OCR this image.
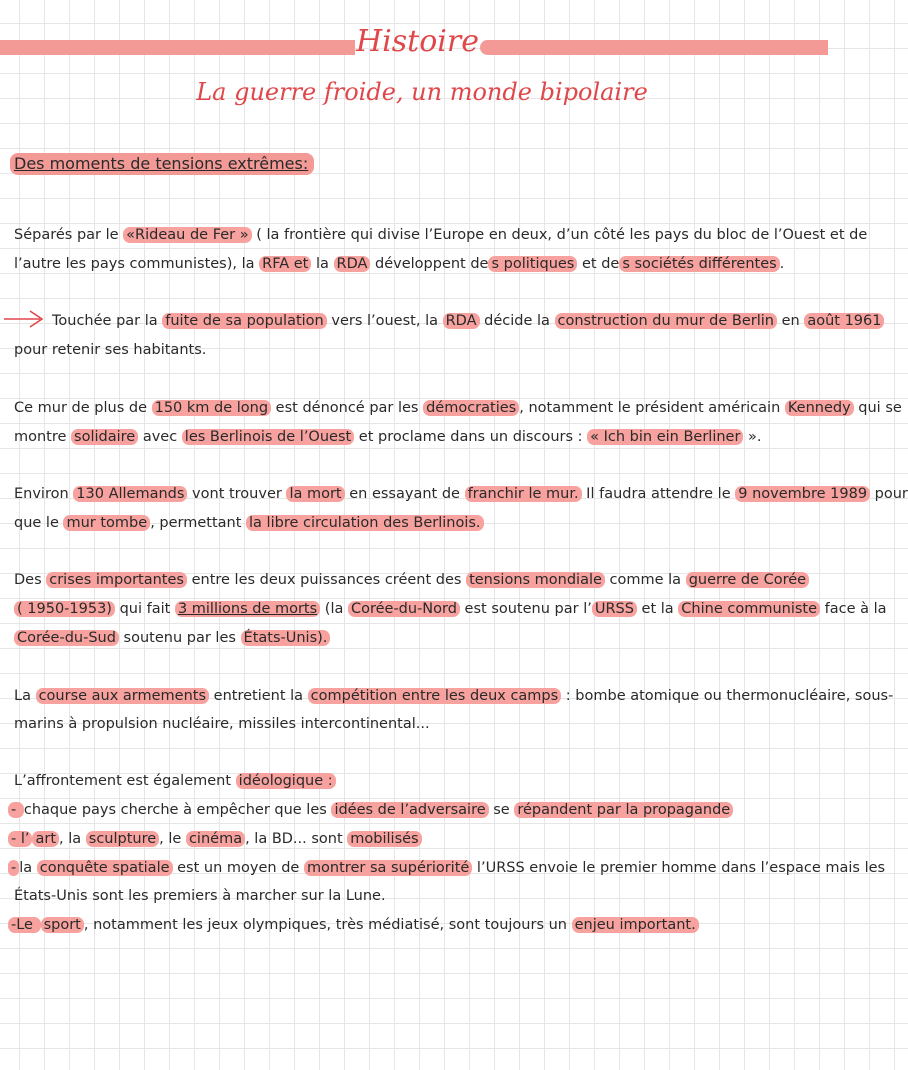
Histoire
La guerre froide, un monde bipolaire
Des moments de tensions extrêmes:
Séparés par le «Rideau de Fer » ( la frontière qui divise l’Europe en deux, d’un côté les pays du bloc de l’Ouest et de
l’autre les pays communistes), la RFA et la RDA développent de s politiques et de s sociétés différentes .
Touchée par la fuite de sa population vers l’ouest, la RDA décide la construction du mur de Berlin en août 1961
pour retenir ses habitants.
Ce mur de plus de 150 km de long est dénoncé par les démocraties , notamment le président américain Kennedy qui se
montre solidaire avec les Berlinois de l’Ouest et proclame dans un discours : « Ich bin ein Berliner ».
Environ 130 Allemands vont trouver la mort en essayant de franchir le mur. Il faudra attendre le 9 novembre 1989 pour
que le mur tombe , permettant la libre circulation des Berlinois.
Des crises importantes entre les deux puissances créent des tensions mondiale comme la guerre de Corée
( 1950-1953) qui fait 3 millions de morts (la Corée-du-Nord est soutenu par l’ URSS et la Chine communiste face à la
Corée-du-Sud soutenu par les États-Unis).
La course aux armements entretient la compétition entre les deux camps : bombe atomique ou thermonucléaire, sous-
marins à propulsion nucléaire, missiles intercontinental...
L’affrontement est également idéologique :
- chaque pays cherche à empêcher que les idées de l’adversaire se répandent par la propagande
- l’ art , la sculpture , le cinéma , la BD... sont mobilisés
- la conquête spatiale est un moyen de montrer sa supériorité l’URSS envoie le premier homme dans l’espace mais les
États-Unis sont les premiers à marcher sur la Lune.
-Le sport , notamment les jeux olympiques, très médiatisé, sont toujours un enjeu important.
